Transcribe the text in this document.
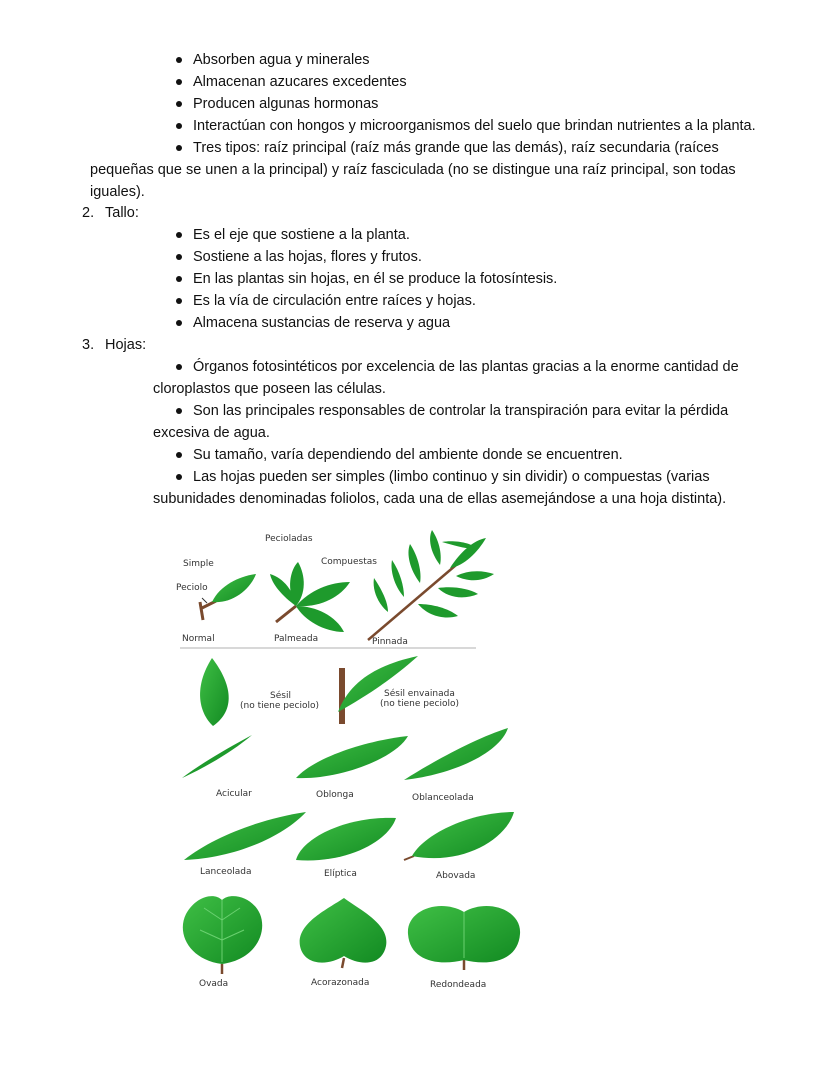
Absorben agua y minerales
Almacenan azucares excedentes
Producen algunas hormonas
Interactúan con hongos y microorganismos del suelo que brindan nutrientes a la planta.
Tres tipos: raíz principal (raíz más grande que las demás), raíz secundaria (raíces
pequeñas que se unen a la principal) y raíz fasciculada (no se distingue una raíz principal, son todas
iguales).
2. Tallo:
Es el eje que sostiene a la planta.
Sostiene a las hojas, flores y frutos.
En las plantas sin hojas, en él se produce la fotosíntesis.
Es la vía de circulación entre raíces y hojas.
Almacena sustancias de reserva y agua
3. Hojas:
Órganos fotosintéticos por excelencia de las plantas gracias a la enorme cantidad de
cloroplastos que poseen las células.
Son las principales responsables de controlar la transpiración para evitar la pérdida
excesiva de agua.
Su tamaño, varía dependiendo del ambiente donde se encuentren.
Las hojas pueden ser simples (limbo continuo y sin dividir) o compuestas (varias
subunidades denominadas foliolos, cada una de ellas asemejándose a una hoja distinta).
Pecioladas
Simple	Compuestas
Peciolo
Normal	Palmeada	Pinnada
Sésil
(no tiene peciolo)
Sésil envainada
(no tiene peciolo)
Acicular	Oblonga	Oblanceolada
Lanceolada	Elíptica	Abovada
Ovada	Acorazonada	Redondeada
